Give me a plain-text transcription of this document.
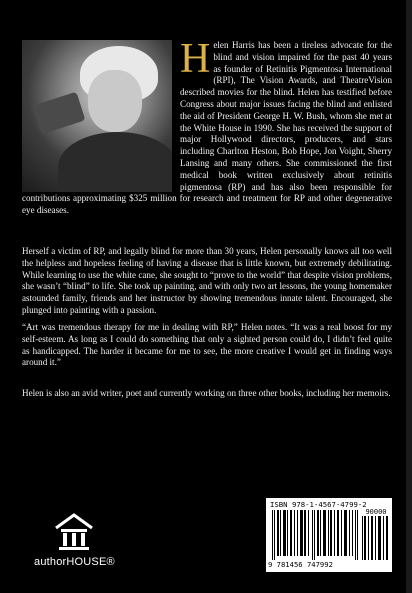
H elen Harris has been a tireless advocate for the blind and vision impaired for the past 40 years as founder of Retinitis Pigmentosa International (RPI), The Vision Awards, and TheatreVision described movies for the blind. Helen has testified before Congress about major issues facing the blind and enlisted the aid of President George H. W. Bush, whom she met at the White House in 1990. She has received the support of major Hollywood directors, producers, and stars including Charlton Heston, Bob Hope, Jon Voight, Sherry Lansing and many others. She commissioned the first medical book written exclusively about retinitis pigmentosa (RP) and has also been responsible for contributions approximating $325 million for research and treatment for RP and other degenerative eye diseases.

Herself a victim of RP, and legally blind for more than 30 years, Helen personally knows all too well the helpless and hopeless feeling of having a disease that is little known, but extremely debilitating. While learning to use the white cane, she sought to “prove to the world” that despite vision problems, she wasn’t “blind” to life. She took up painting, and with only two art lessons, the young homemaker astounded family, friends and her instructor by showing tremendous innate talent. Encouraged, she plunged into painting with a passion.

“Art was tremendous therapy for me in dealing with RP,” Helen notes. “It was a real boost for my self-esteem. As long as I could do something that only a sighted person could do, I didn’t feel quite as handicapped. The harder it became for me to see, the more creative I would get in finding ways around it.”

Helen is also an avid writer, poet and currently working on three other books, including her memoirs.

authorHOUSE®
ISBN 978-1-4567-4799-2
90000
9 781456 747992
